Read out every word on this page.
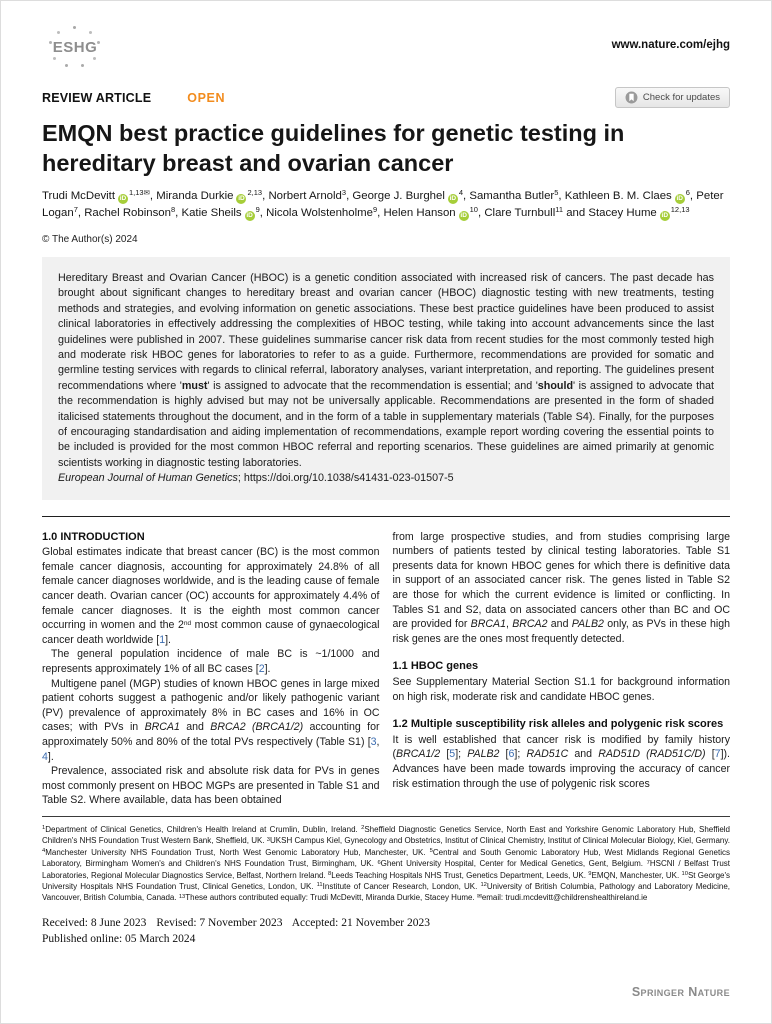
ESHG	www.nature.com/ejhg
REVIEW ARTICLE	OPEN	Check for updates
EMQN best practice guidelines for genetic testing in hereditary breast and ovarian cancer
Trudi McDevitt $iD^{1,13✉}$, Miranda Durkie iD$^{2,13}$, Norbert Arnold$^3$, George J. Burghel $iD^4$, Samantha Butler$^5$, Kathleen B. M. Claes $iD^6$, Peter Logan$^7$, Rachel Robinson$^8$, Katie Sheils $iD^9$, Nicola Wolstenholme$^9$, Helen Hanson $iD^{10}$, Clare Turnbull$^{11}$ and Stacey Hume iD$^{12,13}$
© The Author(s) 2024

Hereditary Breast and Ovarian Cancer (HBOC) is a genetic condition associated with increased risk of cancers. The past decade has brought about significant changes to hereditary breast and ovarian cancer (HBOC) diagnostic testing with new treatments, testing methods and strategies, and evolving information on genetic associations. These best practice guidelines have been produced to assist clinical laboratories in effectively addressing the complexities of HBOC testing, while taking into account advancements since the last guidelines were published in 2007. These guidelines summarise cancer risk data from recent studies for the most commonly tested high and moderate risk HBOC genes for laboratories to refer to as a guide. Furthermore, recommendations are provided for somatic and germline testing services with regards to clinical referral, laboratory analyses, variant interpretation, and reporting. The guidelines present recommendations where 'must' is assigned to advocate that the recommendation is essential; and 'should' is assigned to advocate that the recommendation is highly advised but may not be universally applicable. Recommendations are presented in the form of shaded italicised statements throughout the document, and in the form of a table in supplementary materials (Table S4). Finally, for the purposes of encouraging standardisation and aiding implementation of recommendations, example report wording covering the essential points to be included is provided for the most common HBOC referral and reporting scenarios. These guidelines are aimed primarily at genomic scientists working in diagnostic testing laboratories.

European Journal of Human Genetics; https://doi.org/10.1038/s41431-023-01507-5

1.0 INTRODUCTION

Global estimates indicate that breast cancer (BC) is the most common female cancer diagnosis, accounting for approximately 24.8% of all female cancer diagnoses worldwide, and is the leading cause of female cancer death. Ovarian cancer (OC) accounts for approximately 4.4% of female cancer diagnoses. It is the eighth most common cancer occurring in women and the 2nd most common cause of gynaecological cancer death worldwide [1].

The general population incidence of male BC is ~1/1000 and represents approximately 1% of all BC cases [2].

Multigene panel (MGP) studies of known HBOC genes in large mixed patient cohorts suggest a pathogenic and/or likely pathogenic variant (PV) prevalence of approximately 8% in BC cases and 16% in OC cases; with PVs in BRCA1 and BRCA2 (BRCA1/2) accounting for approximately 50% and 80% of the total PVs respectively (Table S1) [3, 4].

Prevalence, associated risk and absolute risk data for PVs in genes most commonly present on HBOC MGPs are presented in Table S1 and Table S2. Where available, data has been obtained

from large prospective studies, and from studies comprising large numbers of patients tested by clinical testing laboratories. Table S1 presents data for known HBOC genes for which there is definitive data in support of an associated cancer risk. The genes listed in Table S2 are those for which the current evidence is limited or conflicting. In Tables S1 and S2, data on associated cancers other than BC and OC are provided for BRCA1, BRCA2 and PALB2 only, as PVs in these high risk genes are the ones most frequently detected.

1.1 HBOC genes

See Supplementary Material Section S1.1 for background information on high risk, moderate risk and candidate HBOC genes.

1.2 Multiple susceptibility risk alleles and polygenic risk scores

It is well established that cancer risk is modified by family history (BRCA1/2 [5]; PALB2 [6]; RAD51C and RAD51D (RAD51C/D) [7]). Advances have been made towards improving the accuracy of cancer risk estimation through the use of polygenic risk scores

$^1$Department of Clinical Genetics, Children's Health Ireland at Crumlin, Dublin, Ireland. $^2$Sheffield Diagnostic Genetics Service, North East and Yorkshire Genomic Laboratory Hub, Sheffield Children's NHS Foundation Trust Western Bank, Sheffield, UK. $^3$UKSH Campus Kiel, Gynecology and Obstetrics, Institut of Clinical Chemistry, Institut of Clinical Molecular Biology, Kiel, Germany. $^4$Manchester University NHS Foundation Trust, North West Genomic Laboratory Hub, Manchester, UK. $^5$Central and South Genomic Laboratory Hub, West Midlands Regional Genetics Laboratory, Birmingham Women's and Children's NHS Foundation Trust, Birmingham, UK. $^6$Ghent University Hospital, Center for Medical Genetics, Gent, Belgium. $^7$HSCNI / Belfast Trust Laboratories, Regional Molecular Diagnostics Service, Belfast, Northern Ireland. $^8$Leeds Teaching Hospitals NHS Trust, Genetics Department, Leeds, UK. $^9$EMQN, Manchester, UK. $^{10}$St George's University Hospitals NHS Foundation Trust, Clinical Genetics, London, UK. $^{11}$Institute of Cancer Research, London, UK. $^{12}$University of British Columbia, Pathology and Laboratory Medicine, Vancouver, British Columbia, Canada. $^{13}$These authors contributed equally: Trudi McDevitt, Miranda Durkie, Stacey Hume. ✉email: trudi.mcdevitt@childrenshealthireland.ie

Received: 8 June 2023 Revised: 7 November 2023 Accepted: 21 November 2023
Published online: 05 March 2024
Springer Nature
